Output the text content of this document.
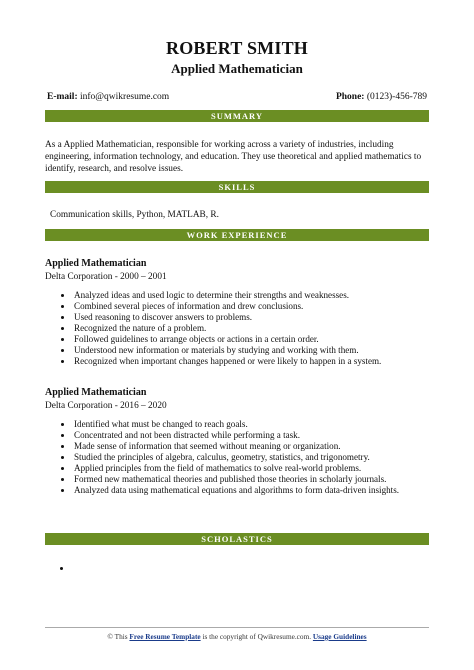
ROBERT SMITH
Applied Mathematician
E-mail: info@qwikresume.com	Phone: (0123)-456-789
SUMMARY
As a Applied Mathematician, responsible for working across a variety of industries, including engineering, information technology, and education. They use theoretical and applied mathematics to identify, research, and resolve issues.
SKILLS
Communication skills, Python, MATLAB, R.
WORK EXPERIENCE
Applied Mathematician
Delta Corporation - 2000 – 2001
Analyzed ideas and used logic to determine their strengths and weaknesses.
Combined several pieces of information and drew conclusions.
Used reasoning to discover answers to problems.
Recognized the nature of a problem.
Followed guidelines to arrange objects or actions in a certain order.
Understood new information or materials by studying and working with them.
Recognized when important changes happened or were likely to happen in a system.
Applied Mathematician
Delta Corporation - 2016 – 2020
Identified what must be changed to reach goals.
Concentrated and not been distracted while performing a task.
Made sense of information that seemed without meaning or organization.
Studied the principles of algebra, calculus, geometry, statistics, and trigonometry.
Applied principles from the field of mathematics to solve real-world problems.
Formed new mathematical theories and published those theories in scholarly journals.
Analyzed data using mathematical equations and algorithms to form data-driven insights.
SCHOLASTICS
© This Free Resume Template is the copyright of Qwikresume.com. Usage Guidelines
